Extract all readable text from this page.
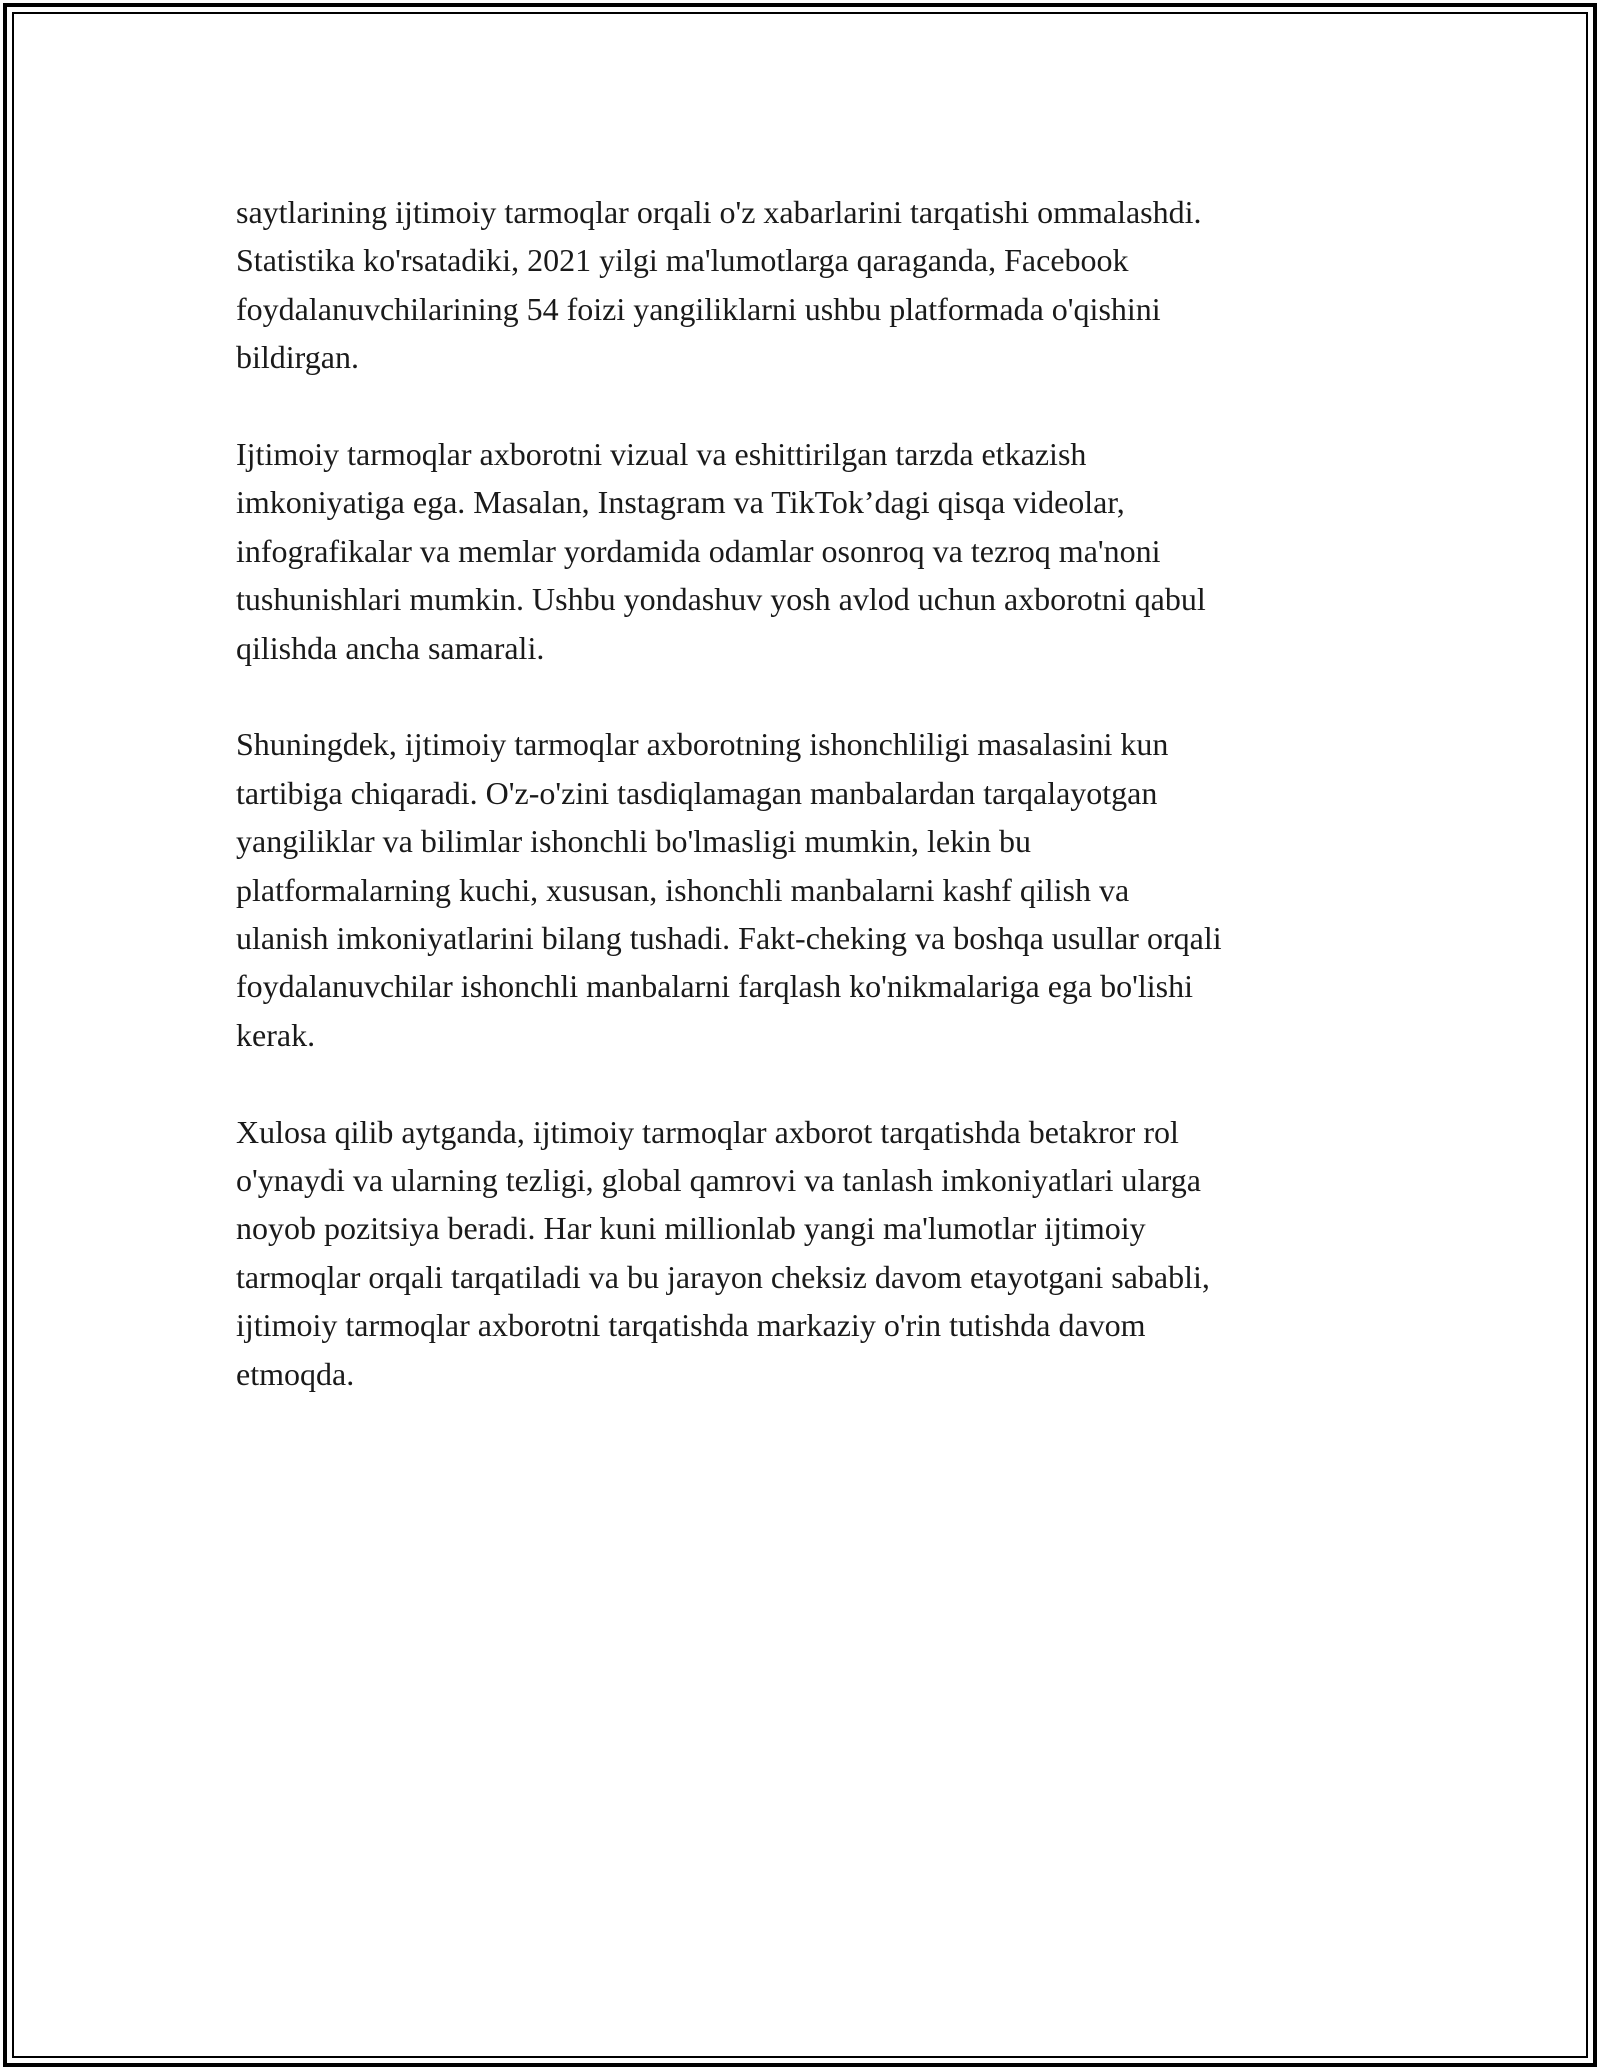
saytlarining ijtimoiy tarmoqlar orqali o'z xabarlarini tarqatishi ommalashdi.
Statistika ko'rsatadiki, 2021 yilgi ma'lumotlarga qaraganda, Facebook
foydalanuvchilarining 54 foizi yangiliklarni ushbu platformada o'qishini
bildirgan.

Ijtimoiy tarmoqlar axborotni vizual va eshittirilgan tarzda etkazish
imkoniyatiga ega. Masalan, Instagram va TikTok’dagi qisqa videolar,
infografikalar va memlar yordamida odamlar osonroq va tezroq ma'noni
tushunishlari mumkin. Ushbu yondashuv yosh avlod uchun axborotni qabul
qilishda ancha samarali.

Shuningdek, ijtimoiy tarmoqlar axborotning ishonchliligi masalasini kun
tartibiga chiqaradi. O'z-o'zini tasdiqlamagan manbalardan tarqalayotgan
yangiliklar va bilimlar ishonchli bo'lmasligi mumkin, lekin bu
platformalarning kuchi, xususan, ishonchli manbalarni kashf qilish va
ulanish imkoniyatlarini bilang tushadi. Fakt-cheking va boshqa usullar orqali
foydalanuvchilar ishonchli manbalarni farqlash ko'nikmalariga ega bo'lishi
kerak.

Xulosa qilib aytganda, ijtimoiy tarmoqlar axborot tarqatishda betakror rol
o'ynaydi va ularning tezligi, global qamrovi va tanlash imkoniyatlari ularga
noyob pozitsiya beradi. Har kuni millionlab yangi ma'lumotlar ijtimoiy
tarmoqlar orqali tarqatiladi va bu jarayon cheksiz davom etayotgani sababli,
ijtimoiy tarmoqlar axborotni tarqatishda markaziy o'rin tutishda davom
etmoqda.
